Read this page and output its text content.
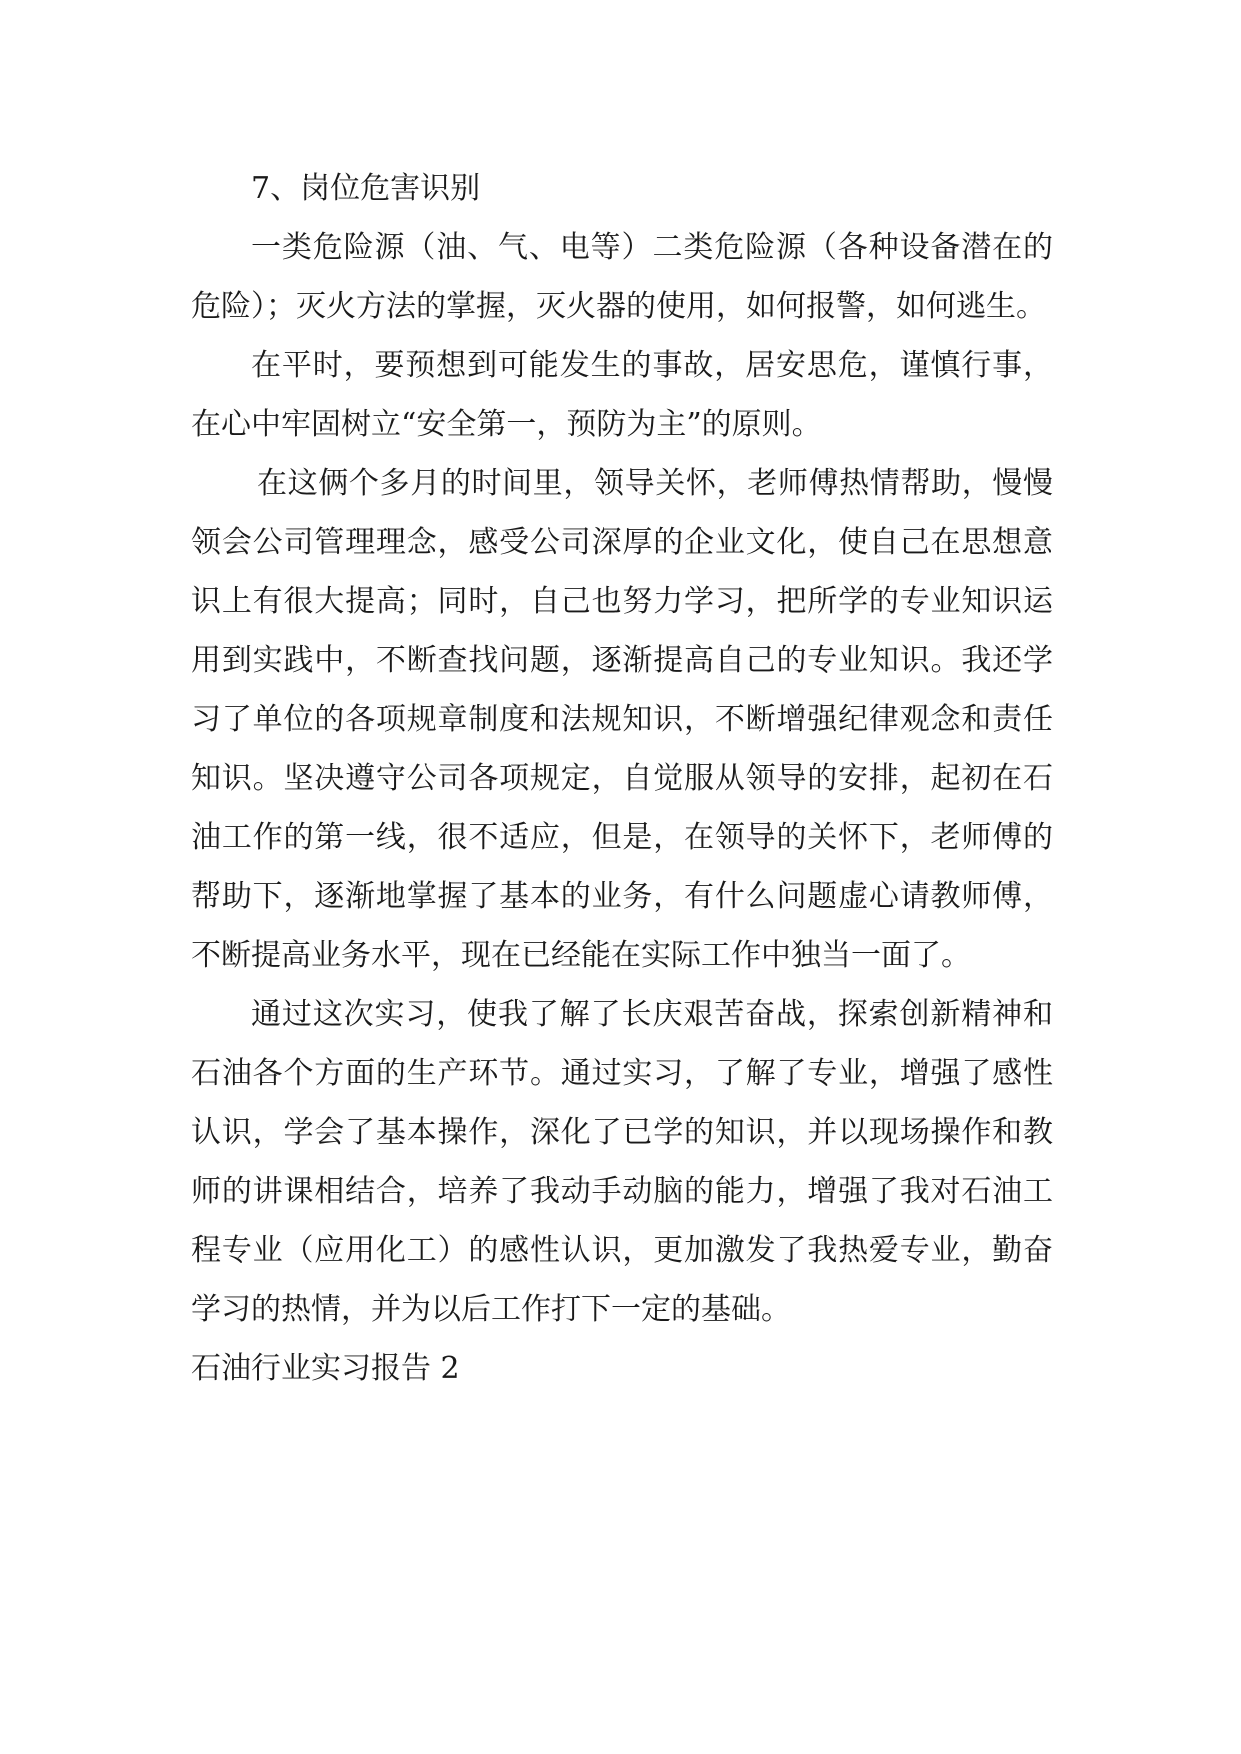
7、岗位危害识别

一类危险源（油、气、电等）二类危险源（各种设备潜在的危险）；灭火方法的掌握，灭火器的使用，如何报警，如何逃生。

在平时，要预想到可能发生的事故，居安思危，谨慎行事，在心中牢固树立“安全第一，预防为主”的原则。

在这俩个多月的时间里，领导关怀，老师傅热情帮助，慢慢领会公司管理理念，感受公司深厚的企业文化，使自己在思想意识上有很大提高；同时，自己也努力学习，把所学的专业知识运用到实践中，不断查找问题，逐渐提高自己的专业知识。我还学习了单位的各项规章制度和法规知识，不断增强纪律观念和责任知识。坚决遵守公司各项规定，自觉服从领导的安排，起初在石油工作的第一线，很不适应，但是，在领导的关怀下，老师傅的帮助下，逐渐地掌握了基本的业务，有什么问题虚心请教师傅，不断提高业务水平，现在已经能在实际工作中独当一面了。

通过这次实习，使我了解了长庆艰苦奋战，探索创新精神和石油各个方面的生产环节。通过实习，了解了专业，增强了感性认识，学会了基本操作，深化了已学的知识，并以现场操作和教师的讲课相结合，培养了我动手动脑的能力，增强了我对石油工程专业（应用化工）的感性认识，更加激发了我热爱专业，勤奋学习的热情，并为以后工作打下一定的基础。

石油行业实习报告 2
